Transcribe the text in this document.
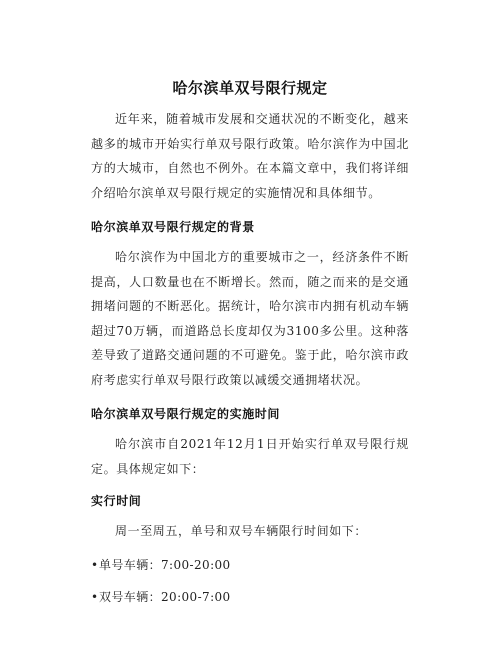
哈尔滨单双号限行规定

近年来，随着城市发展和交通状况的不断变化，越来越多的城市开始实行单双号限行政策。哈尔滨作为中国北方的大城市，自然也不例外。在本篇文章中，我们将详细介绍哈尔滨单双号限行规定的实施情况和具体细节。

哈尔滨单双号限行规定的背景

哈尔滨作为中国北方的重要城市之一，经济条件不断提高，人口数量也在不断增长。然而，随之而来的是交通拥堵问题的不断恶化。据统计，哈尔滨市内拥有机动车辆超过70万辆，而道路总长度却仅为3100多公里。这种落差导致了道路交通问题的不可避免。鉴于此，哈尔滨市政府考虑实行单双号限行政策以减缓交通拥堵状况。

哈尔滨单双号限行规定的实施时间

哈尔滨市自2021年12月1日开始实行单双号限行规定。具体规定如下：

实行时间

周一至周五，单号和双号车辆限行时间如下：

•单号车辆：7:00-20:00
•双号车辆：20:00-7:00
